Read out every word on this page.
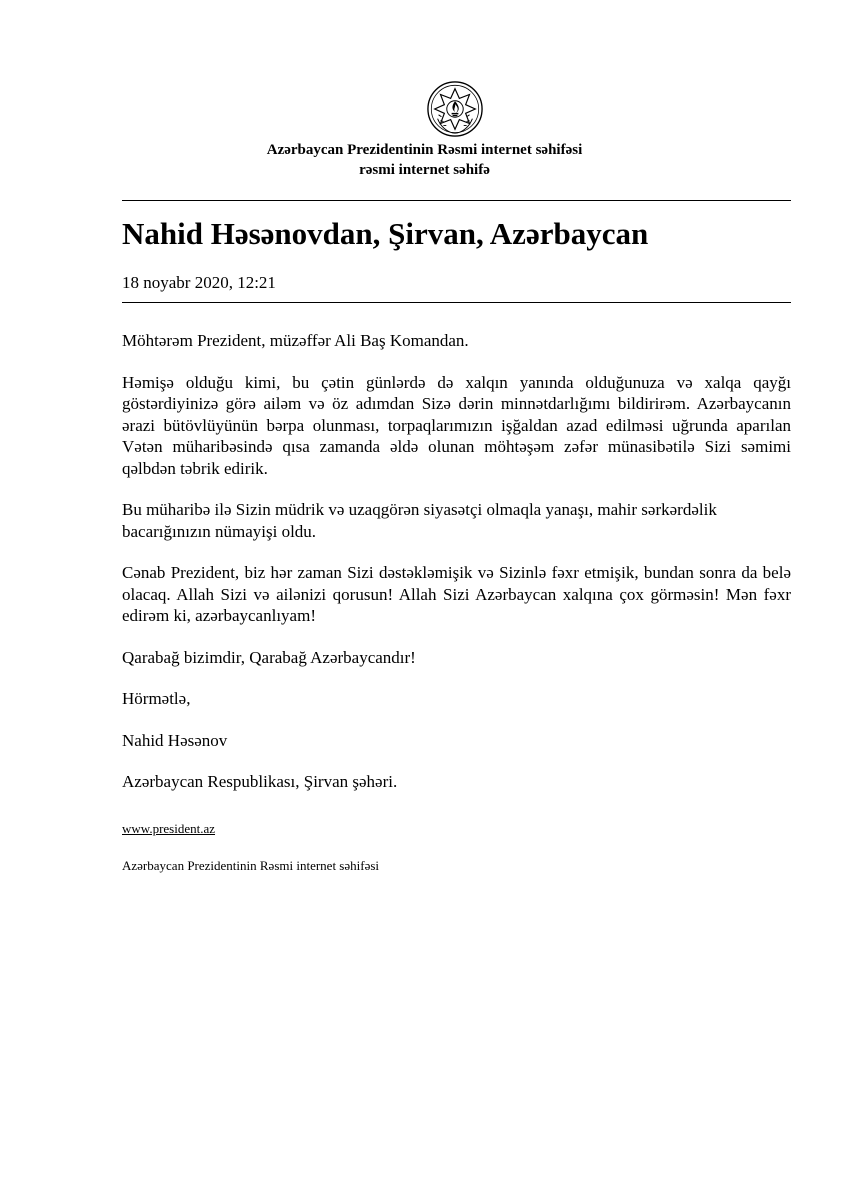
Azərbaycan Prezidentinin Rəsmi internet səhifəsi

rəsmi internet səhifə

Nahid Həsənovdan, Şirvan, Azərbaycan
18 noyabr 2020, 12:21

Möhtərəm Prezident, müzəffər Ali Baş Komandan.

Həmişə olduğu kimi, bu çətin günlərdə də xalqın yanında olduğunuza və xalqa qayğı göstərdiyinizə görə ailəm və öz adımdan Sizə dərin minnətdarlığımı bildirirəm. Azərbaycanın ərazi bütövlüyünün bərpa olunması, torpaqlarımızın işğaldan azad edilməsi uğrunda aparılan Vətən müharibəsində qısa zamanda əldə olunan möhtəşəm zəfər münasibətilə Sizi səmimi qəlbdən təbrik edirik.

Bu müharibə ilə Sizin müdrik və uzaqgörən siyasətçi olmaqla yanaşı, mahir sərkərdəlik bacarığınızın nümayişi oldu.

Cənab Prezident, biz hər zaman Sizi dəstəkləmişik və Sizinlə fəxr etmişik, bundan sonra da belə olacaq. Allah Sizi və ailənizi qorusun! Allah Sizi Azərbaycan xalqına çox görməsin! Mən fəxr edirəm ki, azərbaycanlıyam!

Qarabağ bizimdir, Qarabağ Azərbaycandır!

Hörmətlə,

Nahid Həsənov

Azərbaycan Respublikası, Şirvan şəhəri.

www.president.az
Azərbaycan Prezidentinin Rəsmi internet səhifəsi
